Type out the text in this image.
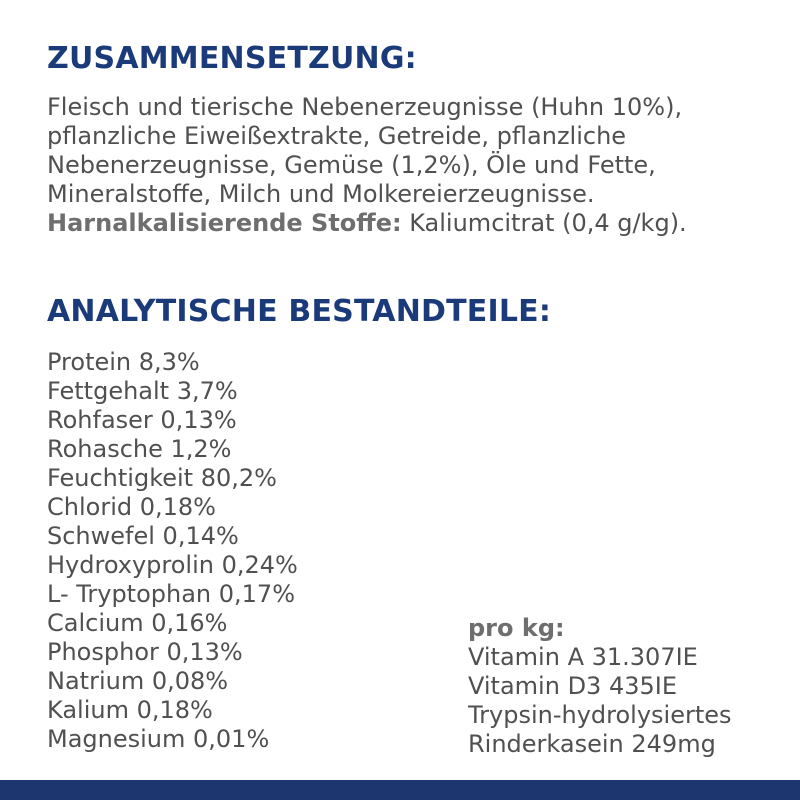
ZUSAMMENSETZUNG:

Fleisch und tierische Nebenerzeugnisse (Huhn 10%),
pflanzliche Eiweißextrakte, Getreide, pflanzliche
Nebenerzeugnisse, Gemüse (1,2%), Öle und Fette,
Mineralstoffe, Milch und Molkereierzeugnisse.
Harnalkalisierende Stoffe: Kaliumcitrat (0,4 g/kg).

ANALYTISCHE BESTANDTEILE:
Protein 8,3%
Fettgehalt 3,7%
Rohfaser 0,13%
Rohasche 1,2%
Feuchtigkeit 80,2%
Chlorid 0,18%
Schwefel 0,14%
Hydroxyprolin 0,24%
L- Tryptophan 0,17%
Calcium 0,16%
Phosphor 0,13%
Natrium 0,08%
Kalium 0,18%
Magnesium 0,01%
pro kg:
Vitamin A 31.307IE
Vitamin D3 435IE
Trypsin-hydrolysiertes
Rinderkasein 249mg
